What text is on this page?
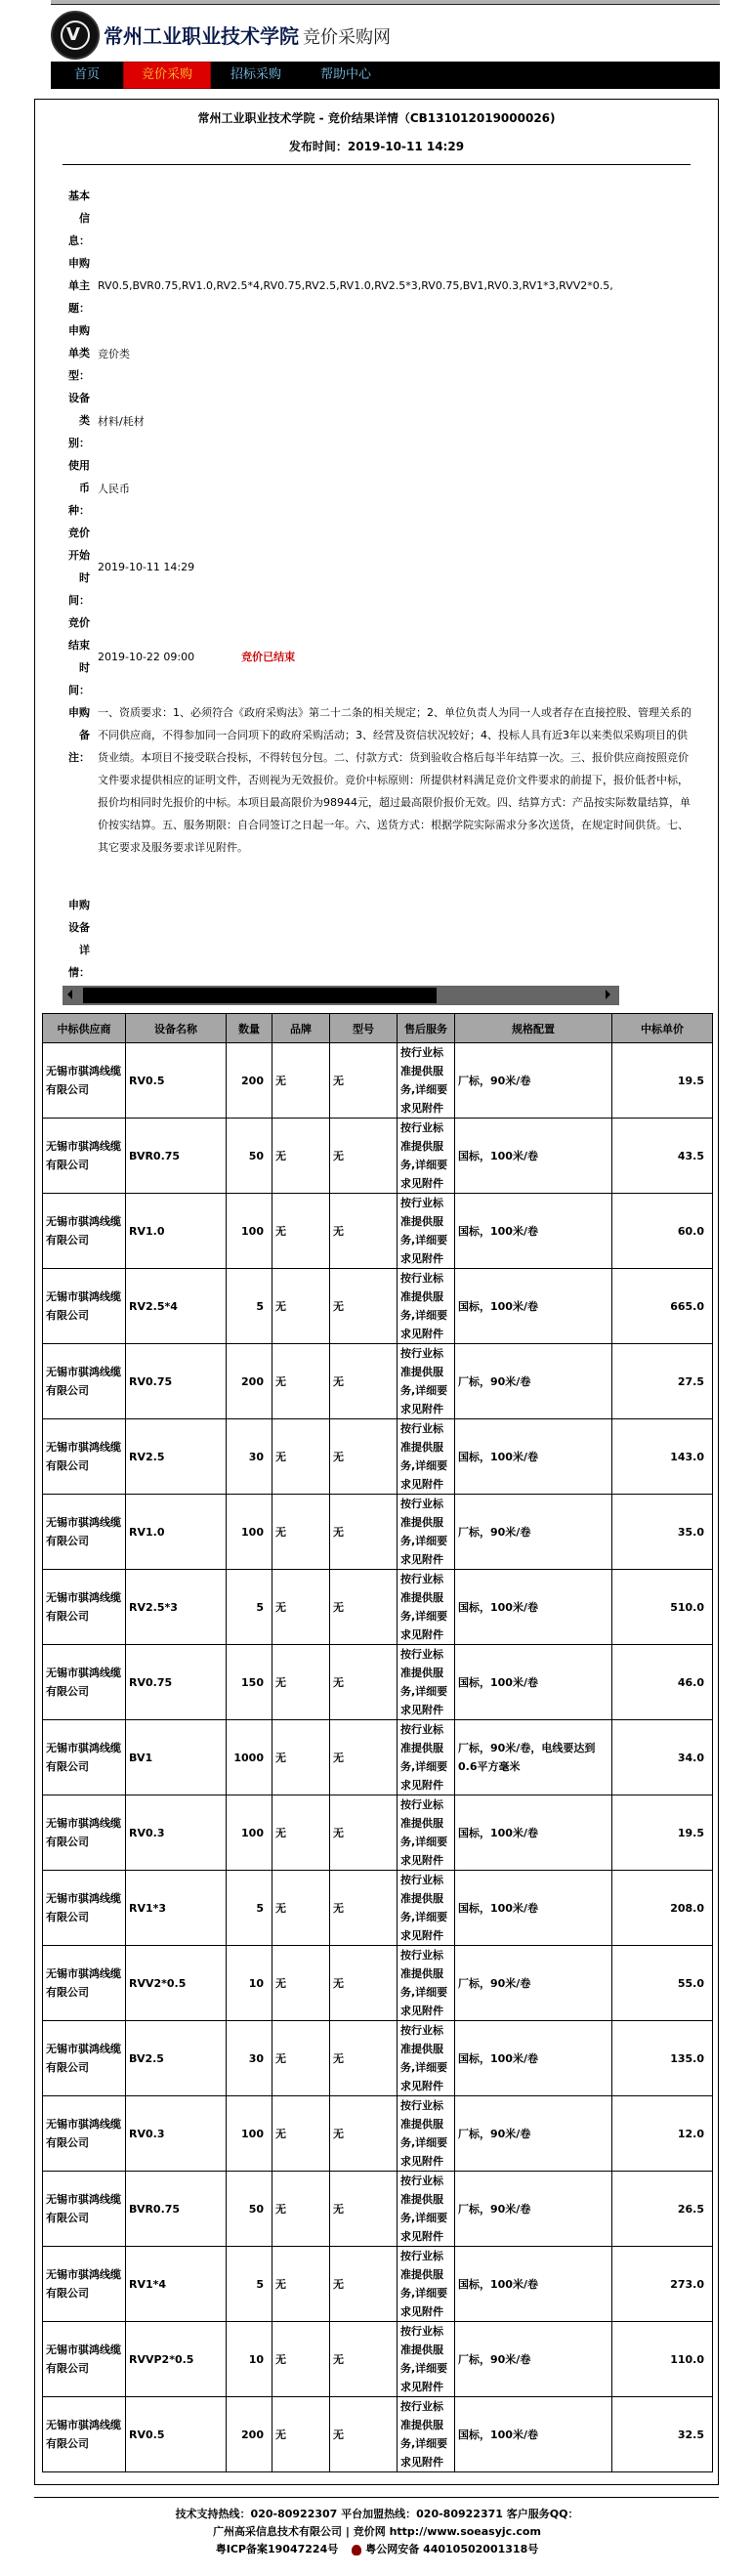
V 常州工业职业技术学院 竞价采购网
首页	竞价采购	招标采购	帮助中心
常州工业职业技术学院 - 竞价结果详情（CB131012019000026)
发布时间：2019-10-11 14:29
基本
信
息：
申购
单主
题：
RV0.5,BVR0.75,RV1.0,RV2.5*4,RV0.75,RV2.5,RV1.0,RV2.5*3,RV0.75,BV1,RV0.3,RV1*3,RVV2*0.5,
申购
单类
型：
竞价类
设备
类
别：
材料/耗材
使用
币
种：
人民币
竞价
开始
时
间：
2019-10-11 14:29
竞价
结束
时
间：
2019-10-22 09:00	竞价已结束
申购
备
注：
一、资质要求：1、必须符合《政府采购法》第二十二条的相关规定；2、单位负责人为同一人或者存在直接控股、管理关系的不同供应商，不得参加同一合同项下的政府采购活动；3、经营及资信状况较好；4、投标人具有近3年以来类似采购项目的供货业绩。本项目不接受联合投标，不得转包分包。二、付款方式：货到验收合格后每半年结算一次。三、报价供应商按照竞价文件要求提供相应的证明文件，否则视为无效报价。竞价中标原则：所提供材料满足竞价文件要求的前提下，报价低者中标，报价均相同时先报价的中标。本项目最高限价为98944元，超过最高限价报价无效。四、结算方式：产品按实际数量结算，单价按实结算。五、服务期限：自合同签订之日起一年。六、送货方式：根据学院实际需求分多次送货，在规定时间供货。七、其它要求及服务要求详见附件。
申购
设备
详
情：
中标供应商	设备名称	数量	品牌	型号	售后服务	规格配置	中标单价
无锡市骐鸿线缆有限公司	RV0.5	200	无	无	按行业标准提供服务,详细要求见附件	厂标，90米/卷	19.5
无锡市骐鸿线缆有限公司	BVR0.75	50	无	无	按行业标准提供服务,详细要求见附件	国标，100米/卷	43.5
无锡市骐鸿线缆有限公司	RV1.0	100	无	无	按行业标准提供服务,详细要求见附件	国标，100米/卷	60.0
无锡市骐鸿线缆有限公司	RV2.5*4	5	无	无	按行业标准提供服务,详细要求见附件	国标，100米/卷	665.0
无锡市骐鸿线缆有限公司	RV0.75	200	无	无	按行业标准提供服务,详细要求见附件	厂标，90米/卷	27.5
无锡市骐鸿线缆有限公司	RV2.5	30	无	无	按行业标准提供服务,详细要求见附件	国标，100米/卷	143.0
无锡市骐鸿线缆有限公司	RV1.0	100	无	无	按行业标准提供服务,详细要求见附件	厂标，90米/卷	35.0
无锡市骐鸿线缆有限公司	RV2.5*3	5	无	无	按行业标准提供服务,详细要求见附件	国标，100米/卷	510.0
无锡市骐鸿线缆有限公司	RV0.75	150	无	无	按行业标准提供服务,详细要求见附件	国标，100米/卷	46.0
无锡市骐鸿线缆有限公司	BV1	1000	无	无	按行业标准提供服务,详细要求见附件	厂标，90米/卷，电线要达到0.6平方毫米	34.0
无锡市骐鸿线缆有限公司	RV0.3	100	无	无	按行业标准提供服务,详细要求见附件	国标，100米/卷	19.5
无锡市骐鸿线缆有限公司	RV1*3	5	无	无	按行业标准提供服务,详细要求见附件	国标，100米/卷	208.0
无锡市骐鸿线缆有限公司	RVV2*0.5	10	无	无	按行业标准提供服务,详细要求见附件	厂标，90米/卷	55.0
无锡市骐鸿线缆有限公司	BV2.5	30	无	无	按行业标准提供服务,详细要求见附件	国标，100米/卷	135.0
无锡市骐鸿线缆有限公司	RV0.3	100	无	无	按行业标准提供服务,详细要求见附件	厂标，90米/卷	12.0
无锡市骐鸿线缆有限公司	BVR0.75	50	无	无	按行业标准提供服务,详细要求见附件	厂标，90米/卷	26.5
无锡市骐鸿线缆有限公司	RV1*4	5	无	无	按行业标准提供服务,详细要求见附件	国标，100米/卷	273.0
无锡市骐鸿线缆有限公司	RVVP2*0.5	10	无	无	按行业标准提供服务,详细要求见附件	厂标，90米/卷	110.0
无锡市骐鸿线缆有限公司	RV0.5	200	无	无	按行业标准提供服务,详细要求见附件	国标，100米/卷	32.5
技术支持热线：020-80922307 平台加盟热线：020-80922371 客户服务QQ：
广州高采信息技术有限公司 | 竞价网 http://www.soeasyjc.com
粤ICP备案19047224号	粤公网安备 44010502001318号
